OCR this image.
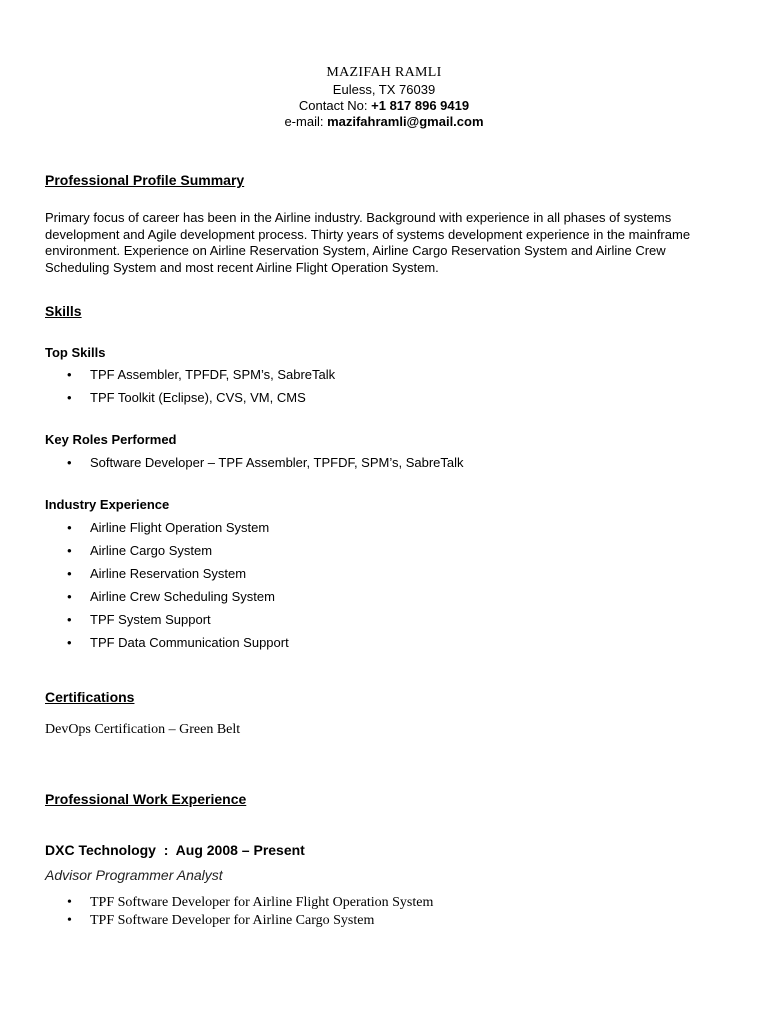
MAZIFAH RAMLI
Euless, TX 76039
Contact No: +1 817 896 9419
e-mail: mazifahramli@gmail.com
Professional Profile Summary
Primary focus of career has been in the Airline industry. Background with experience in all phases of systems development and Agile development process. Thirty years of systems development experience in the mainframe environment. Experience on Airline Reservation System, Airline Cargo Reservation System and Airline Crew Scheduling System and most recent Airline Flight Operation System.
Skills
Top Skills
• TPF Assembler, TPFDF, SPM’s, SabreTalk
• TPF Toolkit (Eclipse), CVS, VM, CMS
Key Roles Performed
• Software Developer – TPF Assembler, TPFDF, SPM’s, SabreTalk
Industry Experience
• Airline Flight Operation System
• Airline Cargo System
• Airline Reservation System
• Airline Crew Scheduling System
• TPF System Support
• TPF Data Communication Support
Certifications
DevOps Certification – Green Belt
Professional Work Experience
DXC Technology  :  Aug 2008 – Present
Advisor Programmer Analyst
• TPF Software Developer for Airline Flight Operation System
• TPF Software Developer for Airline Cargo System
